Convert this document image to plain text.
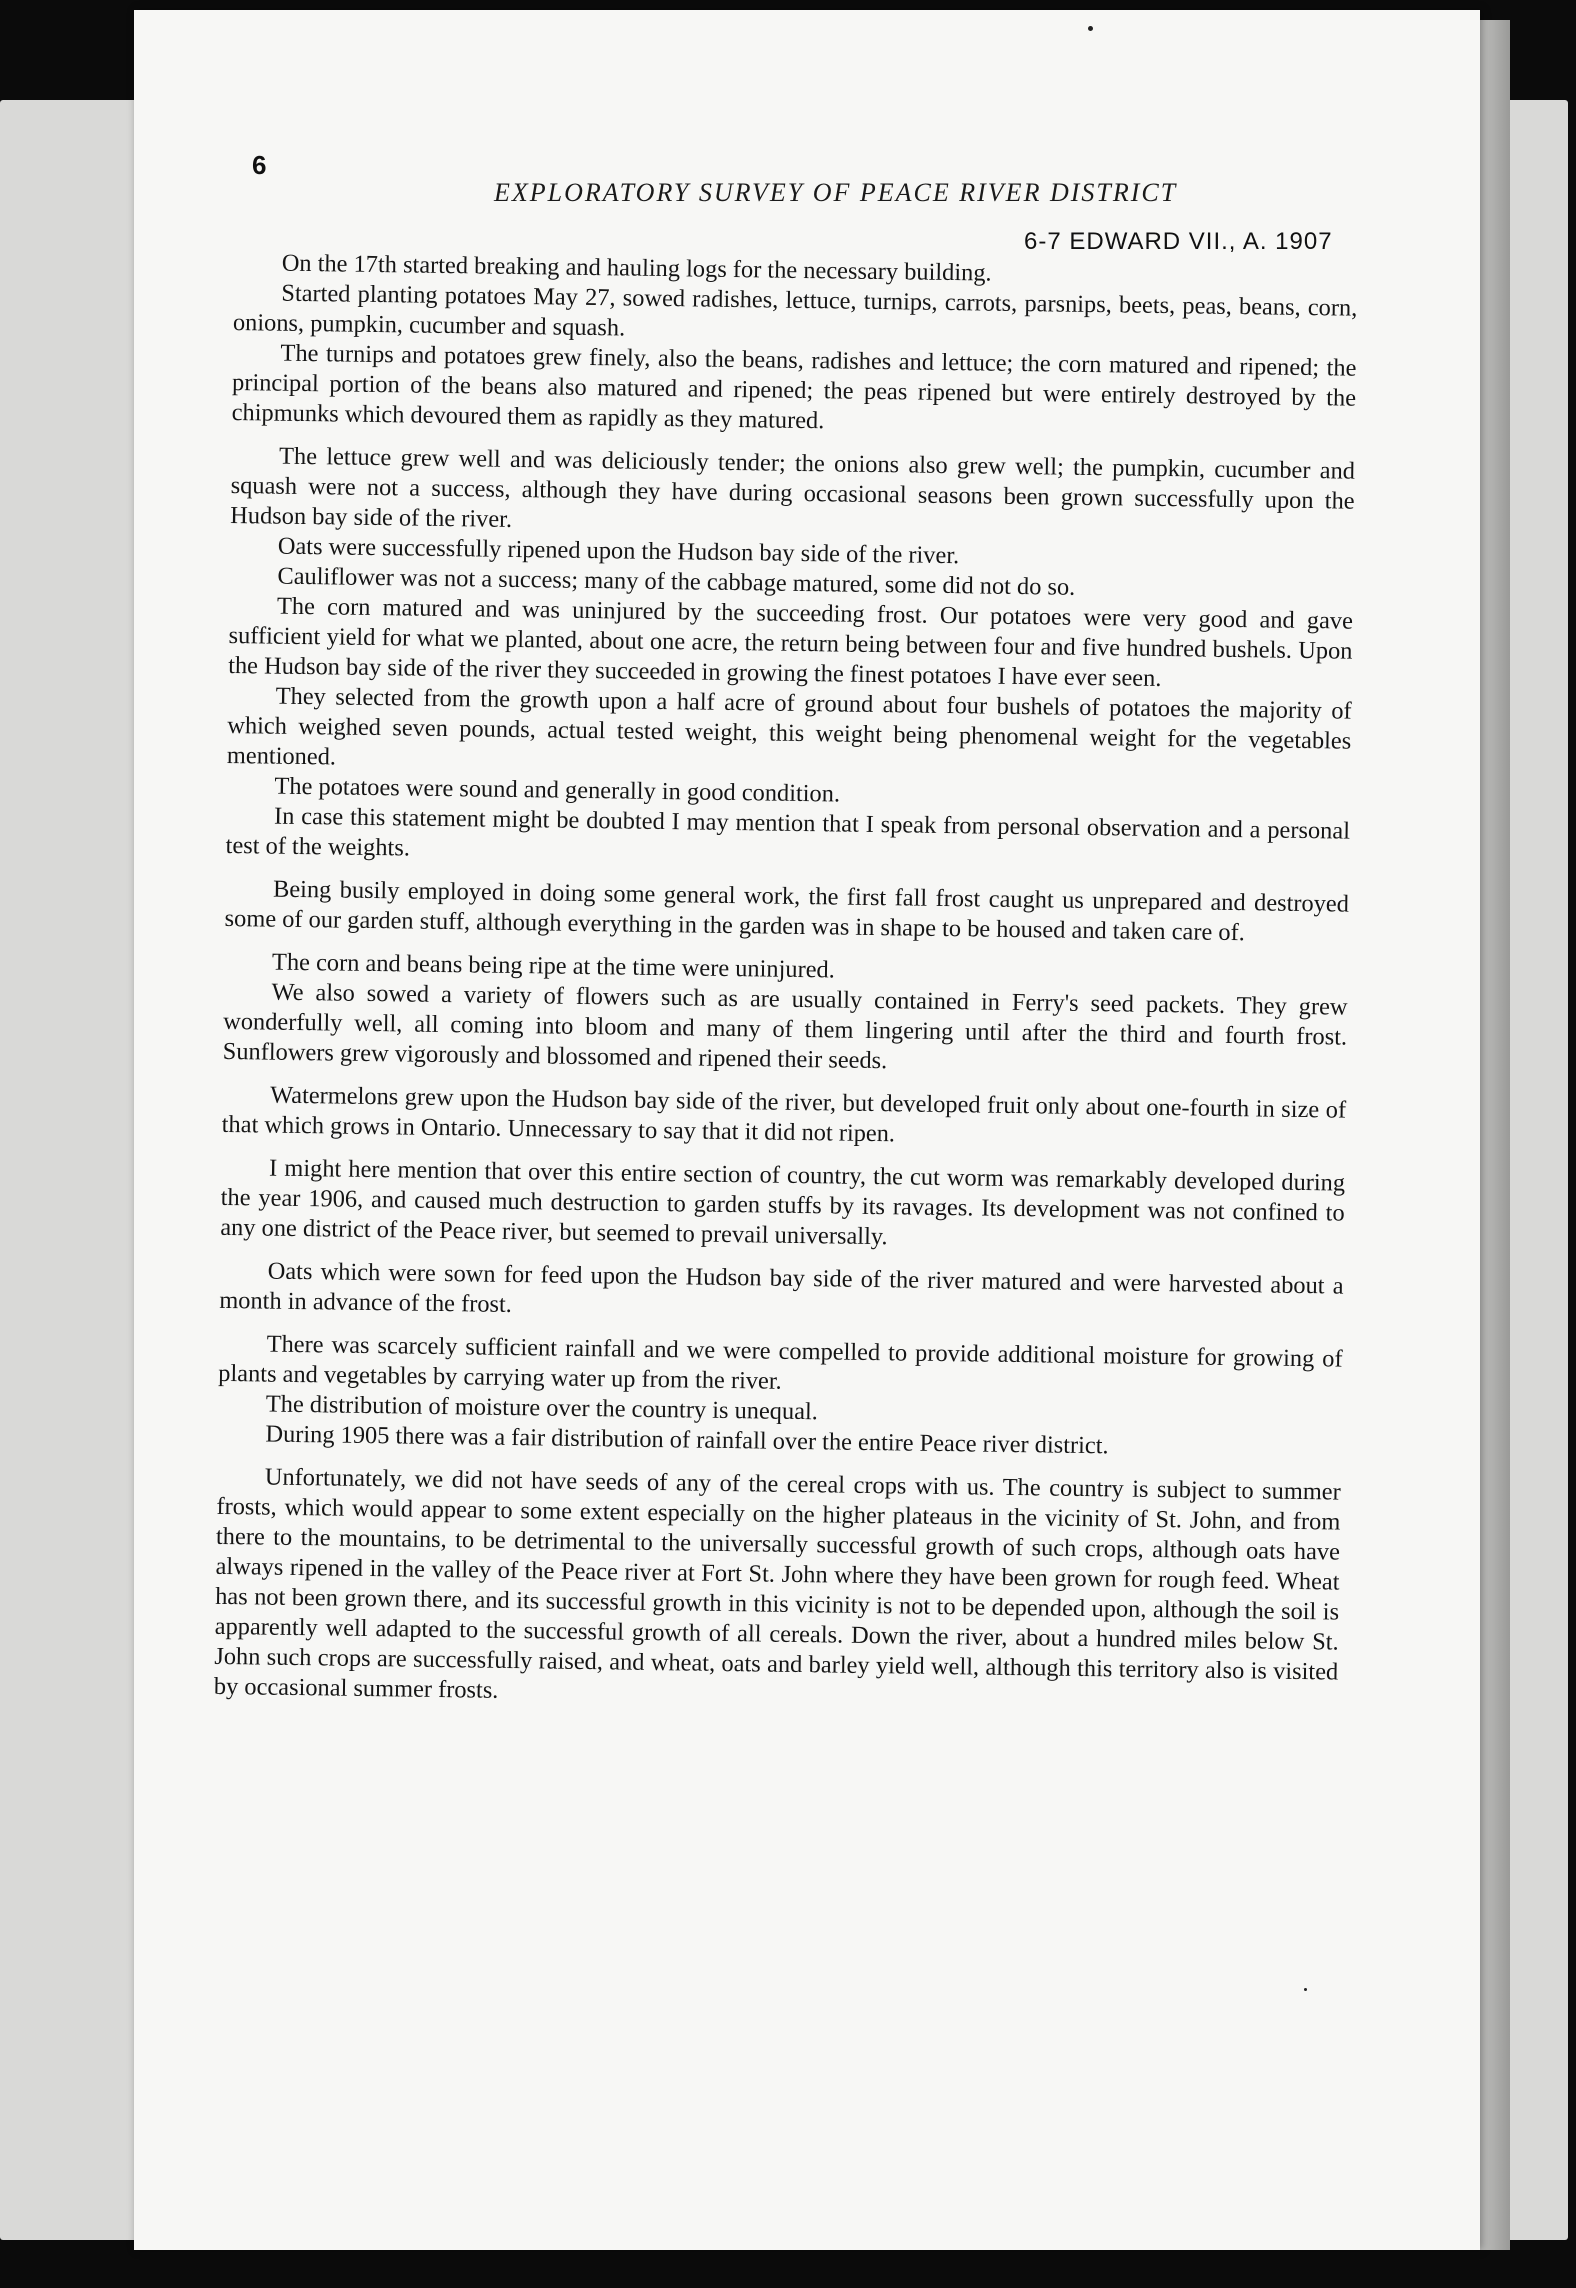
6
EXPLORATORY SURVEY OF PEACE RIVER DISTRICT
6-7 EDWARD VII., A. 1907

On the 17th started breaking and hauling logs for the necessary building.

Started planting potatoes May 27, sowed radishes, lettuce, turnips, carrots, parsnips, beets, peas, beans, corn, onions, pumpkin, cucumber and squash.

The turnips and potatoes grew finely, also the beans, radishes and lettuce; the corn matured and ripened; the principal portion of the beans also matured and ripened; the peas ripened but were entirely destroyed by the chipmunks which devoured them as rapidly as they matured.

The lettuce grew well and was deliciously tender; the onions also grew well; the pumpkin, cucumber and squash were not a success, although they have during occasional seasons been grown successfully upon the Hudson bay side of the river.

Oats were successfully ripened upon the Hudson bay side of the river.

Cauliflower was not a success; many of the cabbage matured, some did not do so.

The corn matured and was uninjured by the succeeding frost. Our potatoes were very good and gave sufficient yield for what we planted, about one acre, the return being between four and five hundred bushels. Upon the Hudson bay side of the river they succeeded in growing the finest potatoes I have ever seen.

They selected from the growth upon a half acre of ground about four bushels of potatoes the majority of which weighed seven pounds, actual tested weight, this weight being phenomenal weight for the vegetables mentioned.

The potatoes were sound and generally in good condition.

In case this statement might be doubted I may mention that I speak from personal observation and a personal test of the weights.

Being busily employed in doing some general work, the first fall frost caught us unprepared and destroyed some of our garden stuff, although everything in the garden was in shape to be housed and taken care of.

The corn and beans being ripe at the time were uninjured.

We also sowed a variety of flowers such as are usually contained in Ferry's seed packets. They grew wonderfully well, all coming into bloom and many of them lingering until after the third and fourth frost. Sunflowers grew vigorously and blossomed and ripened their seeds.

Watermelons grew upon the Hudson bay side of the river, but developed fruit only about one-fourth in size of that which grows in Ontario. Unnecessary to say that it did not ripen.

I might here mention that over this entire section of country, the cut worm was remarkably developed during the year 1906, and caused much destruction to garden stuffs by its ravages. Its development was not confined to any one district of the Peace river, but seemed to prevail universally.

Oats which were sown for feed upon the Hudson bay side of the river matured and were harvested about a month in advance of the frost.

There was scarcely sufficient rainfall and we were compelled to provide additional moisture for growing of plants and vegetables by carrying water up from the river.

The distribution of moisture over the country is unequal.

During 1905 there was a fair distribution of rainfall over the entire Peace river district.

Unfortunately, we did not have seeds of any of the cereal crops with us. The country is subject to summer frosts, which would appear to some extent especially on the higher plateaus in the vicinity of St. John, and from there to the mountains, to be detrimental to the universally successful growth of such crops, although oats have always ripened in the valley of the Peace river at Fort St. John where they have been grown for rough feed. Wheat has not been grown there, and its successful growth in this vicinity is not to be depended upon, although the soil is apparently well adapted to the successful growth of all cereals. Down the river, about a hundred miles below St. John such crops are successfully raised, and wheat, oats and barley yield well, although this territory also is visited by occasional summer frosts.
